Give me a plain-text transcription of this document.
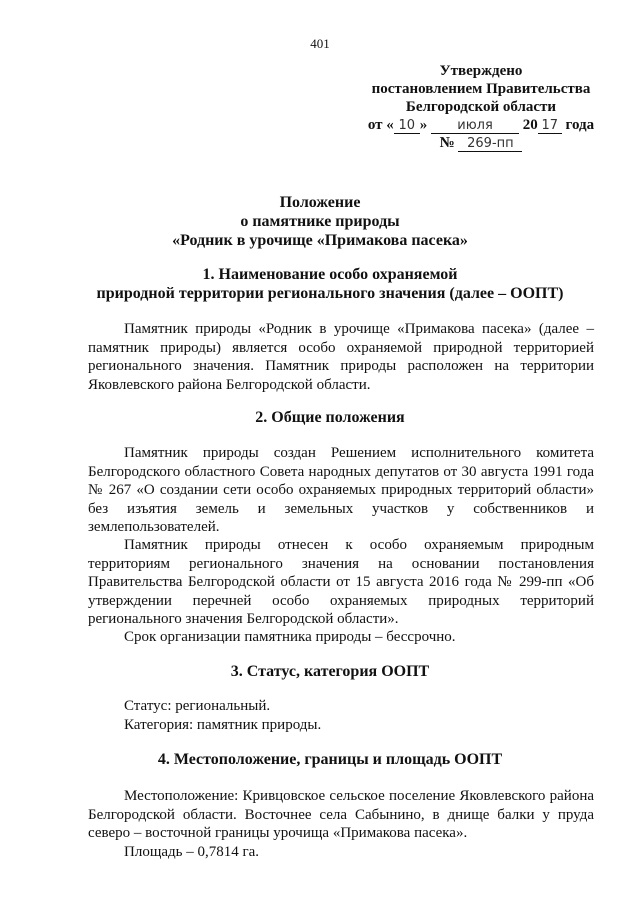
401
Утверждено
постановлением Правительства
Белгородской области
от « 10 » июля 20 17 года
№ 269-пп
Положение
о памятнике природы
«Родник в урочище «Примакова пасека»
1. Наименование особо охраняемой
природной территории регионального значения (далее – ООПТ)
Памятник природы «Родник в урочище «Примакова пасека» (далее – памятник природы) является особо охраняемой природной территорией регионального значения. Памятник природы расположен на территории Яковлевского района Белгородской области.
2. Общие положения
Памятник природы создан Решением исполнительного комитета Белгородского областного Совета народных депутатов от 30 августа 1991 года № 267 «О создании сети особо охраняемых природных территорий области» без изъятия земель и земельных участков у собственников и землепользователей.
Памятник природы отнесен к особо охраняемым природным территориям регионального значения на основании постановления Правительства Белгородской области от 15 августа 2016 года № 299-пп «Об утверждении перечней особо охраняемых природных территорий регионального значения Белгородской области».
Срок организации памятника природы – бессрочно.
3. Статус, категория ООПТ
Статус: региональный.
Категория: памятник природы.
4. Местоположение, границы и площадь ООПТ
Местоположение: Кривцовское сельское поселение Яковлевского района Белгородской области. Восточнее села Сабынино, в днище балки у пруда северо – восточной границы урочища «Примакова пасека».
Площадь – 0,7814 га.
